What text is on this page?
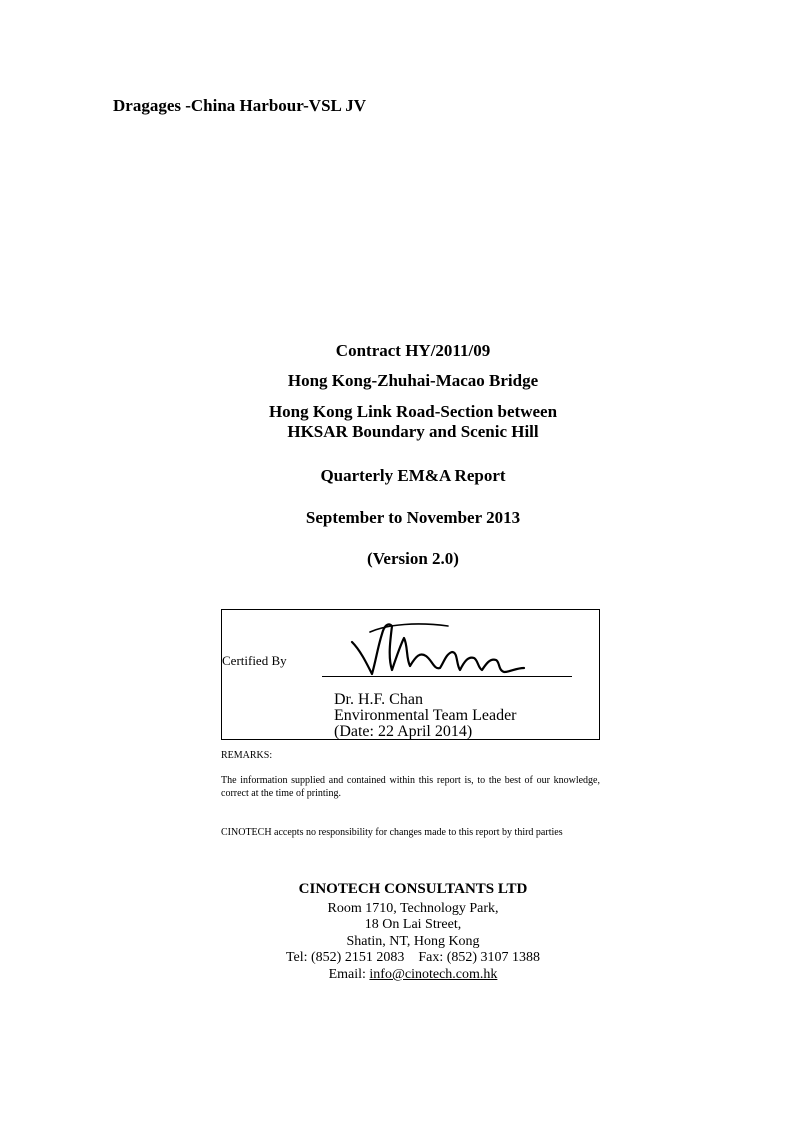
Dragages -China Harbour-VSL JV
Contract HY/2011/09
Hong Kong-Zhuhai-Macao Bridge
Hong Kong Link Road-Section between
HKSAR Boundary and Scenic Hill
Quarterly EM&A Report
September to November 2013
(Version 2.0)
Certified By
Dr. H.F. Chan
Environmental Team Leader
(Date: 22 April 2014)
REMARKS:
The information supplied and contained within this report is, to the best of our knowledge, correct at the time of printing.
CINOTECH accepts no responsibility for changes made to this report by third parties
CINOTECH CONSULTANTS LTD
Room 1710, Technology Park,
18 On Lai Street,
Shatin, NT, Hong Kong
Tel: (852) 2151 2083    Fax: (852) 3107 1388
Email: info@cinotech.com.hk
